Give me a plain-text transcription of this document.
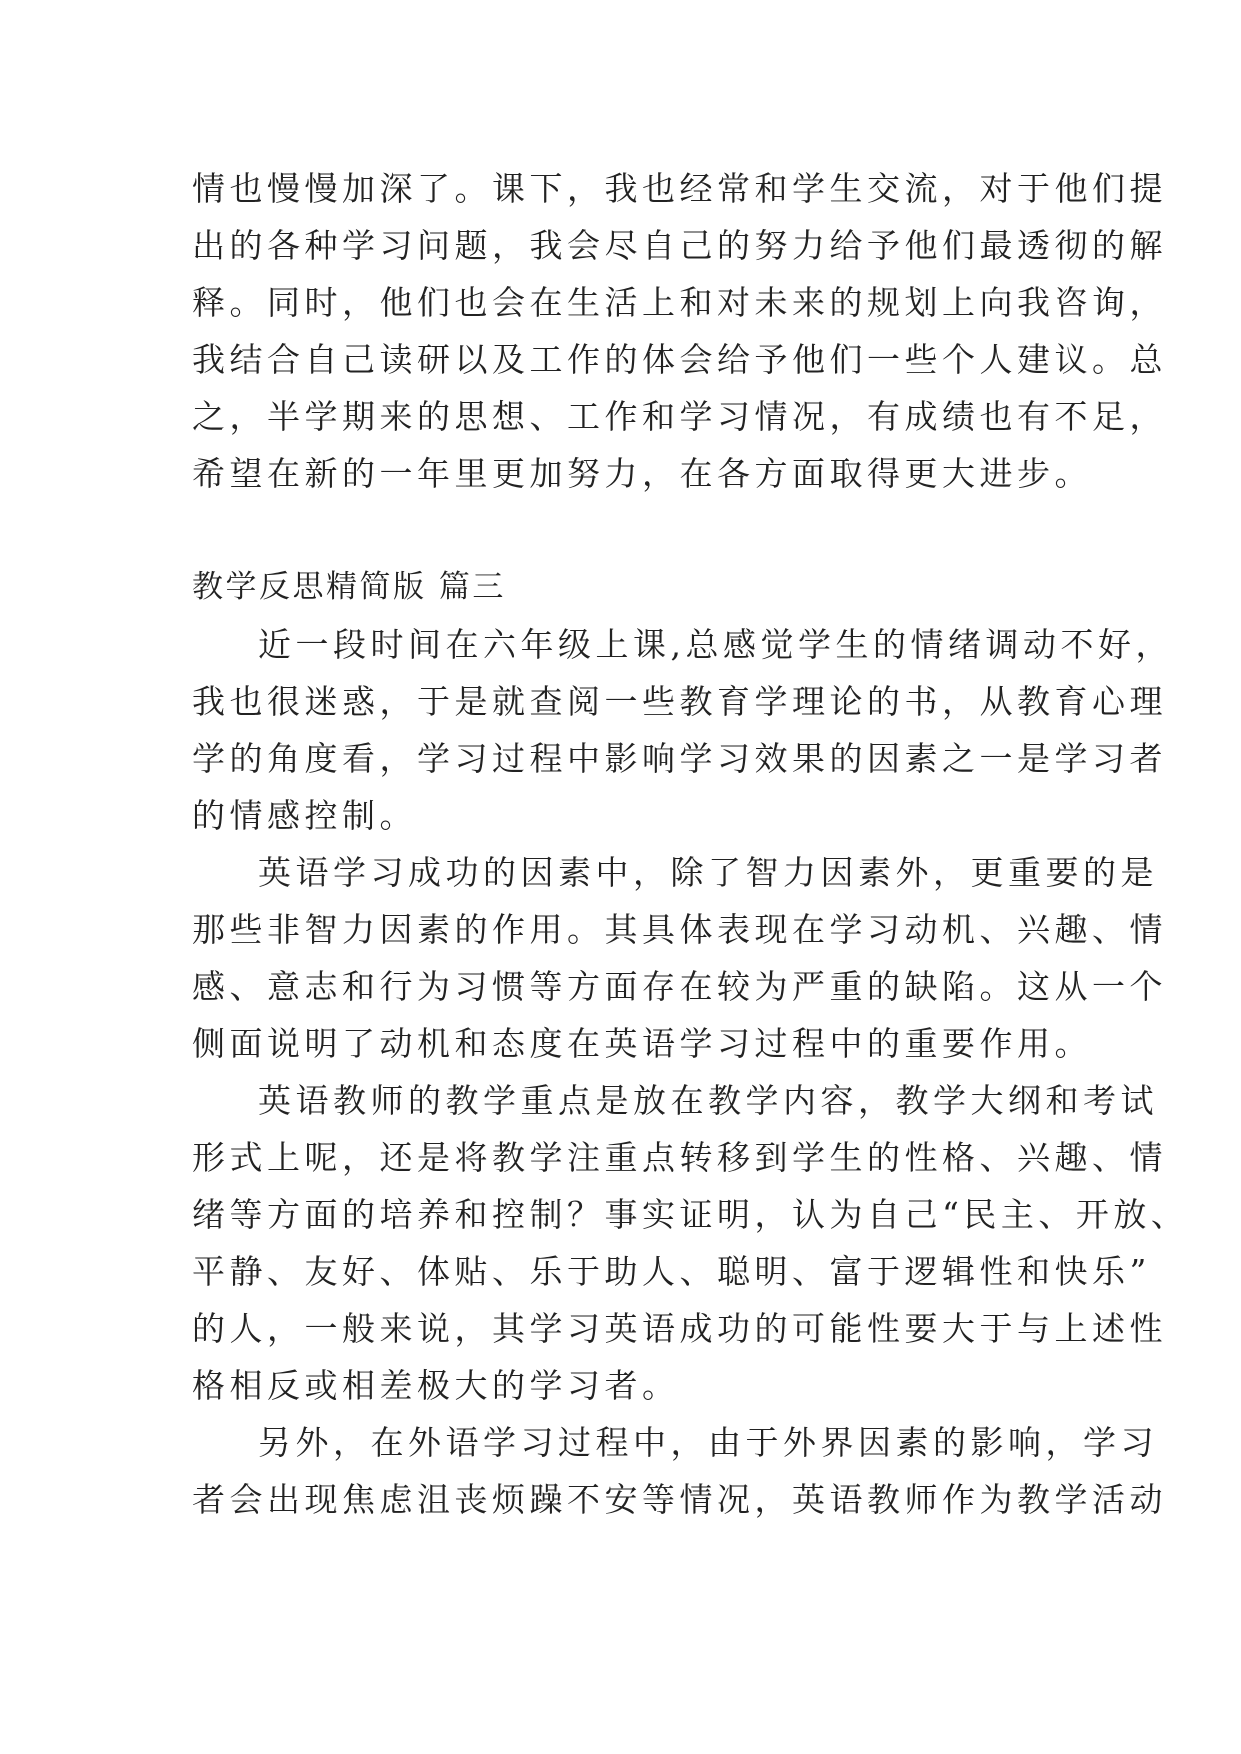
情也慢慢加深了。课下，我也经常和学生交流，对于他们提
出的各种学习问题，我会尽自己的努力给予他们最透彻的解
释。同时，他们也会在生活上和对未来的规划上向我咨询，
我结合自己读研以及工作的体会给予他们一些个人建议。总
之，半学期来的思想、工作和学习情况，有成绩也有不足，
希望在新的一年里更加努力，在各方面取得更大进步。
教学反思精简版 篇三
近一段时间在六年级上课,总感觉学生的情绪调动不好，
我也很迷惑，于是就查阅一些教育学理论的书，从教育心理
学的角度看，学习过程中影响学习效果的因素之一是学习者
的情感控制。
英语学习成功的因素中，除了智力因素外，更重要的是
那些非智力因素的作用。其具体表现在学习动机、兴趣、情
感、意志和行为习惯等方面存在较为严重的缺陷。这从一个
侧面说明了动机和态度在英语学习过程中的重要作用。
英语教师的教学重点是放在教学内容，教学大纲和考试
形式上呢，还是将教学注重点转移到学生的性格、兴趣、情
绪等方面的培养和控制？事实证明，认为自己“民主、开放、
平静、友好、体贴、乐于助人、聪明、富于逻辑性和快乐”
的人，一般来说，其学习英语成功的可能性要大于与上述性
格相反或相差极大的学习者。
另外，在外语学习过程中，由于外界因素的影响，学习
者会出现焦虑沮丧烦躁不安等情况，英语教师作为教学活动
